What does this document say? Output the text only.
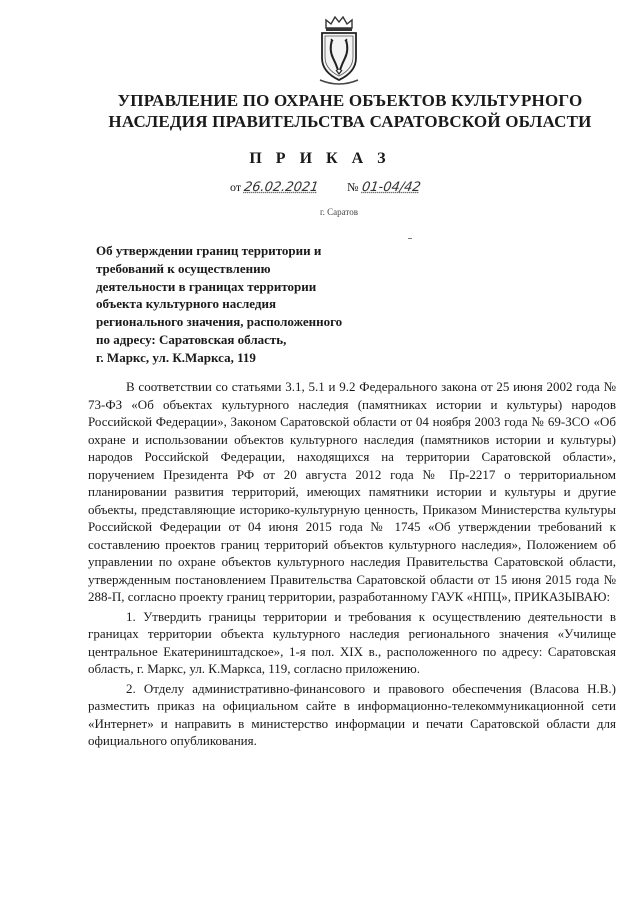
УПРАВЛЕНИЕ ПО ОХРАНЕ ОБЪЕКТОВ КУЛЬТУРНОГО
НАСЛЕДИЯ ПРАВИТЕЛЬСТВА САРАТОВСКОЙ ОБЛАСТИ
П Р И К А З
от 26.02.2021 № 01-04/42
г. Саратов
Об утверждении границ территории и
требований к осуществлению
деятельности в границах территории
объекта культурного наследия
регионального значения, расположенного
по адресу: Саратовская область,
г. Маркс, ул. К.Маркса, 119

В соответствии со статьями 3.1, 5.1 и 9.2 Федерального закона от 25 июня 2002 года № 73-ФЗ «Об объектах культурного наследия (памятниках истории и культуры) народов Российской Федерации», Законом Саратовской области от 04 ноября 2003 года № 69-ЗСО «Об охране и использовании объектов культурного наследия (памятников истории и культуры) народов Российской Федерации, находящихся на территории Саратовской области», поручением Президента РФ от 20 августа 2012 года № Пр-2217 о территориальном планировании развития территорий, имеющих памятники истории и культуры и другие объекты, представляющие историко-культурную ценность, Приказом Министерства культуры Российской Федерации от 04 июня 2015 года № 1745 «Об утверждении требований к составлению проектов границ территорий объектов культурного наследия», Положением об управлении по охране объектов культурного наследия Правительства Саратовской области, утвержденным постановлением Правительства Саратовской области от 15 июня 2015 года № 288-П, согласно проекту границ территории, разработанному ГАУК «НПЦ», ПРИКАЗЫВАЮ:

1. Утвердить границы территории и требования к осуществлению деятельности в границах территории объекта культурного наследия регионального значения «Училище центральное Екатериништадское», 1-я пол. XIX в., расположенного по адресу: Саратовская область, г. Маркс, ул. К.Маркса, 119, согласно приложению.

2. Отделу административно-финансового и правового обеспечения (Власова Н.В.) разместить приказ на официальном сайте в информационно-телекоммуникационной сети «Интернет» и направить в министерство информации и печати Саратовской области для официального опубликования.
